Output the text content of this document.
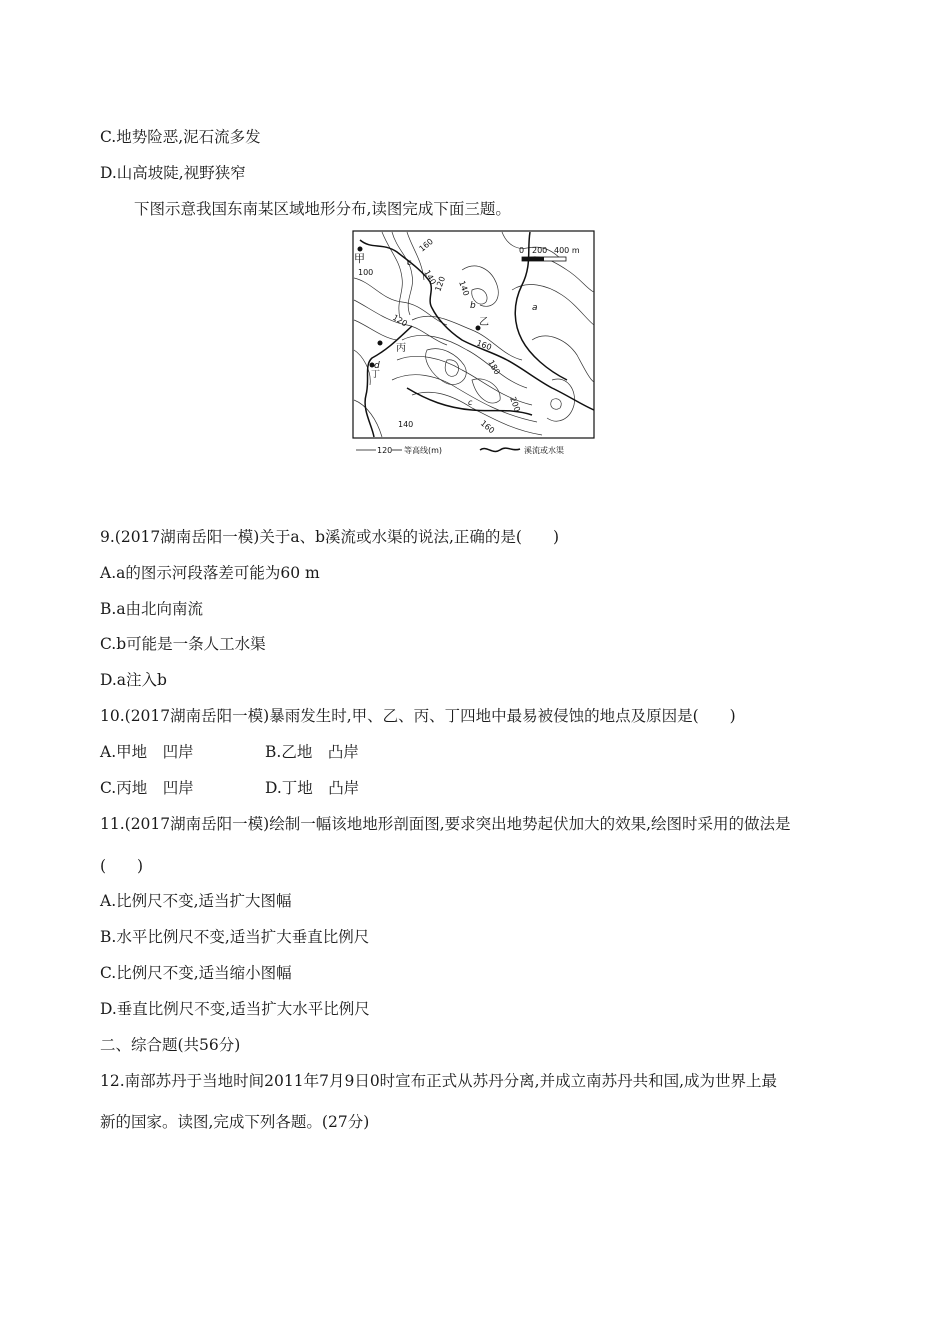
C.地势险恶,泥石流多发
D.山高坡陡,视野狭窄
下图示意我国东南某区域地形分布,读图完成下面三题。
0 200 400 m
甲
乙
丙
丁
a
b
c
c
d
160
140
100
120 140
120
160
180
200
160
140
120 等高线(m)	溪流或水渠
9.(2017湖南岳阳一模)关于a、b溪流或水渠的说法,正确的是(　　)
A.a的图示河段落差可能为60 m
B.a由北向南流
C.b可能是一条人工水渠
D.a注入b
10.(2017湖南岳阳一模)暴雨发生时,甲、乙、丙、丁四地中最易被侵蚀的地点及原因是(　　)
A.甲地　凹岸	B.乙地　凸岸
C.丙地　凹岸	D.丁地　凸岸
11.(2017湖南岳阳一模)绘制一幅该地地形剖面图,要求突出地势起伏加大的效果,绘图时采用的做法是
(　　)
A.比例尺不变,适当扩大图幅
B.水平比例尺不变,适当扩大垂直比例尺
C.比例尺不变,适当缩小图幅
D.垂直比例尺不变,适当扩大水平比例尺
二、综合题(共56分)
12.南部苏丹于当地时间2011年7月9日0时宣布正式从苏丹分离,并成立南苏丹共和国,成为世界上最
新的国家。读图,完成下列各题。(27分)
